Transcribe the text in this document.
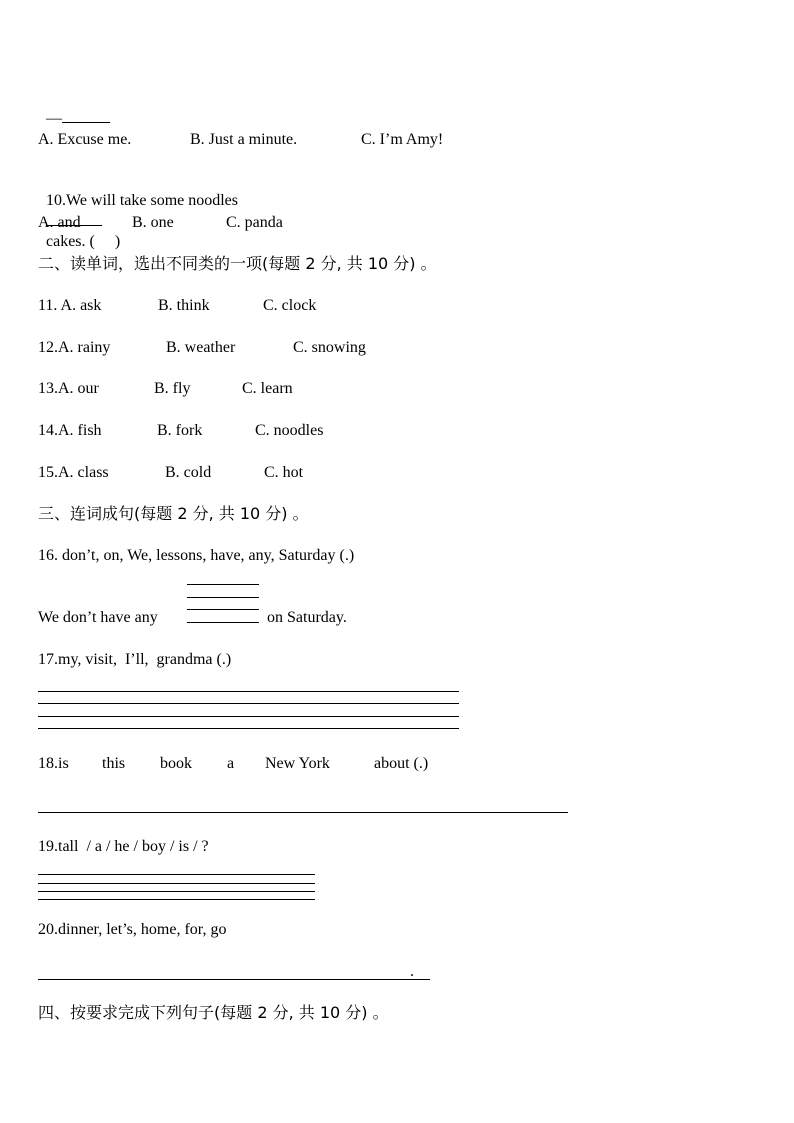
—

A. Excuse me.	B. Just a minute.	C. I’m Amy!

10.We will take some noodles

cakes. (     )

A. and	B. one	C. panda
二、读单词，选出不同类的一项(每题 2 分, 共 10 分) 。
11. A. ask	B. think	C. clock
12.A. rainy	B. weather	C. snowing
13.A. our	B. fly	C. learn
14.A. fish	B. fork	C. noodles
15.A. class	B. cold	C. hot
三、连词成句(每题 2 分, 共 10 分) 。
16. don’t, on, We, lessons, have, any, Saturday (.)
We don’t have any	on Saturday.
17.my, visit,  I’ll,  grandma (.)
18.is this book a New York	about (.)
19.tall  / a / he / boy / is / ?
20.dinner, let’s, home, for, go
.
四、按要求完成下列句子(每题 2 分, 共 10 分) 。
